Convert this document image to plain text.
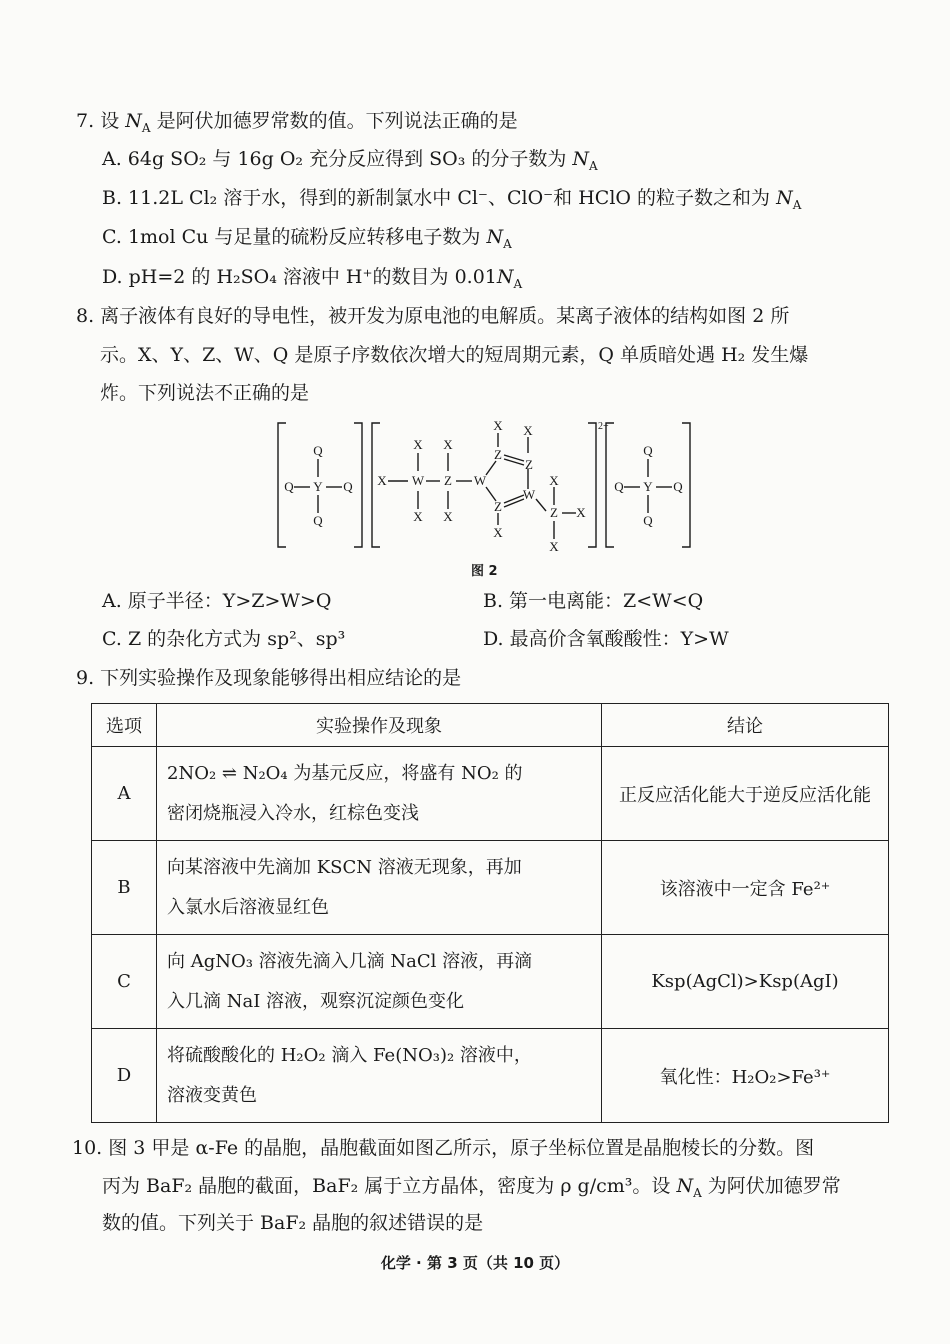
7. 设 $N_A$ 是阿伏加德罗常数的值。下列说法正确的是
A. 64g SO₂ 与 16g O₂ 充分反应得到 SO₃ 的分子数为 $N_A$
B. 11.2L Cl₂ 溶于水，得到的新制氯水中 Cl⁻、ClO⁻和 HClO 的粒子数之和为 $N_A$
C. 1mol Cu 与足量的硫粉反应转移电子数为 $N_A$
D. pH=2 的 H₂SO₄ 溶液中 H⁺的数目为 $0.01N_A$
8. 离子液体有良好的导电性，被开发为原电池的电解质。某离子液体的结构如图 2 所
示。X、Y、Z、W、Q 是原子序数依次增大的短周期元素，Q 单质暗处遇 H₂ 发生爆
炸。下列说法不正确的是
Q
Y
Q	Q
Q
X W Z W
X
X
X
X
Z
X X
Z
W
Z
X
X
Z
X
X
2+
Q
Y
Q	Q
Q
图 2
A. 原子半径：Y>Z>W>Q	B. 第一电离能：Z<W<Q
C. Z 的杂化方式为 sp²、sp³	D. 最高价含氧酸酸性：Y>W
9. 下列实验操作及现象能够得出相应结论的是
选项	实验操作及现象	结论
A	2NO₂ ⇌ N₂O₄ 为基元反应，将盛有 NO₂ 的
密闭烧瓶浸入冷水，红棕色变浅	正反应活化能大于逆反应活化能
B	向某溶液中先滴加 KSCN 溶液无现象，再加
入氯水后溶液显红色	该溶液中一定含 Fe²⁺
C	向 AgNO₃ 溶液先滴入几滴 NaCl 溶液，再滴
入几滴 NaI 溶液，观察沉淀颜色变化	Ksp(AgCl)>Ksp(AgI)
D	将硫酸酸化的 H₂O₂ 滴入 Fe(NO₃)₂ 溶液中，
溶液变黄色	氧化性：H₂O₂>Fe³⁺
10. 图 3 甲是 α-Fe 的晶胞，晶胞截面如图乙所示，原子坐标位置是晶胞棱长的分数。图
丙为 BaF₂ 晶胞的截面，BaF₂ 属于立方晶体，密度为 ρ g/cm³。设 $N_A$ 为阿伏加德罗常
数的值。下列关于 BaF₂ 晶胞的叙述错误的是
化学 · 第 3 页（共 10 页）
